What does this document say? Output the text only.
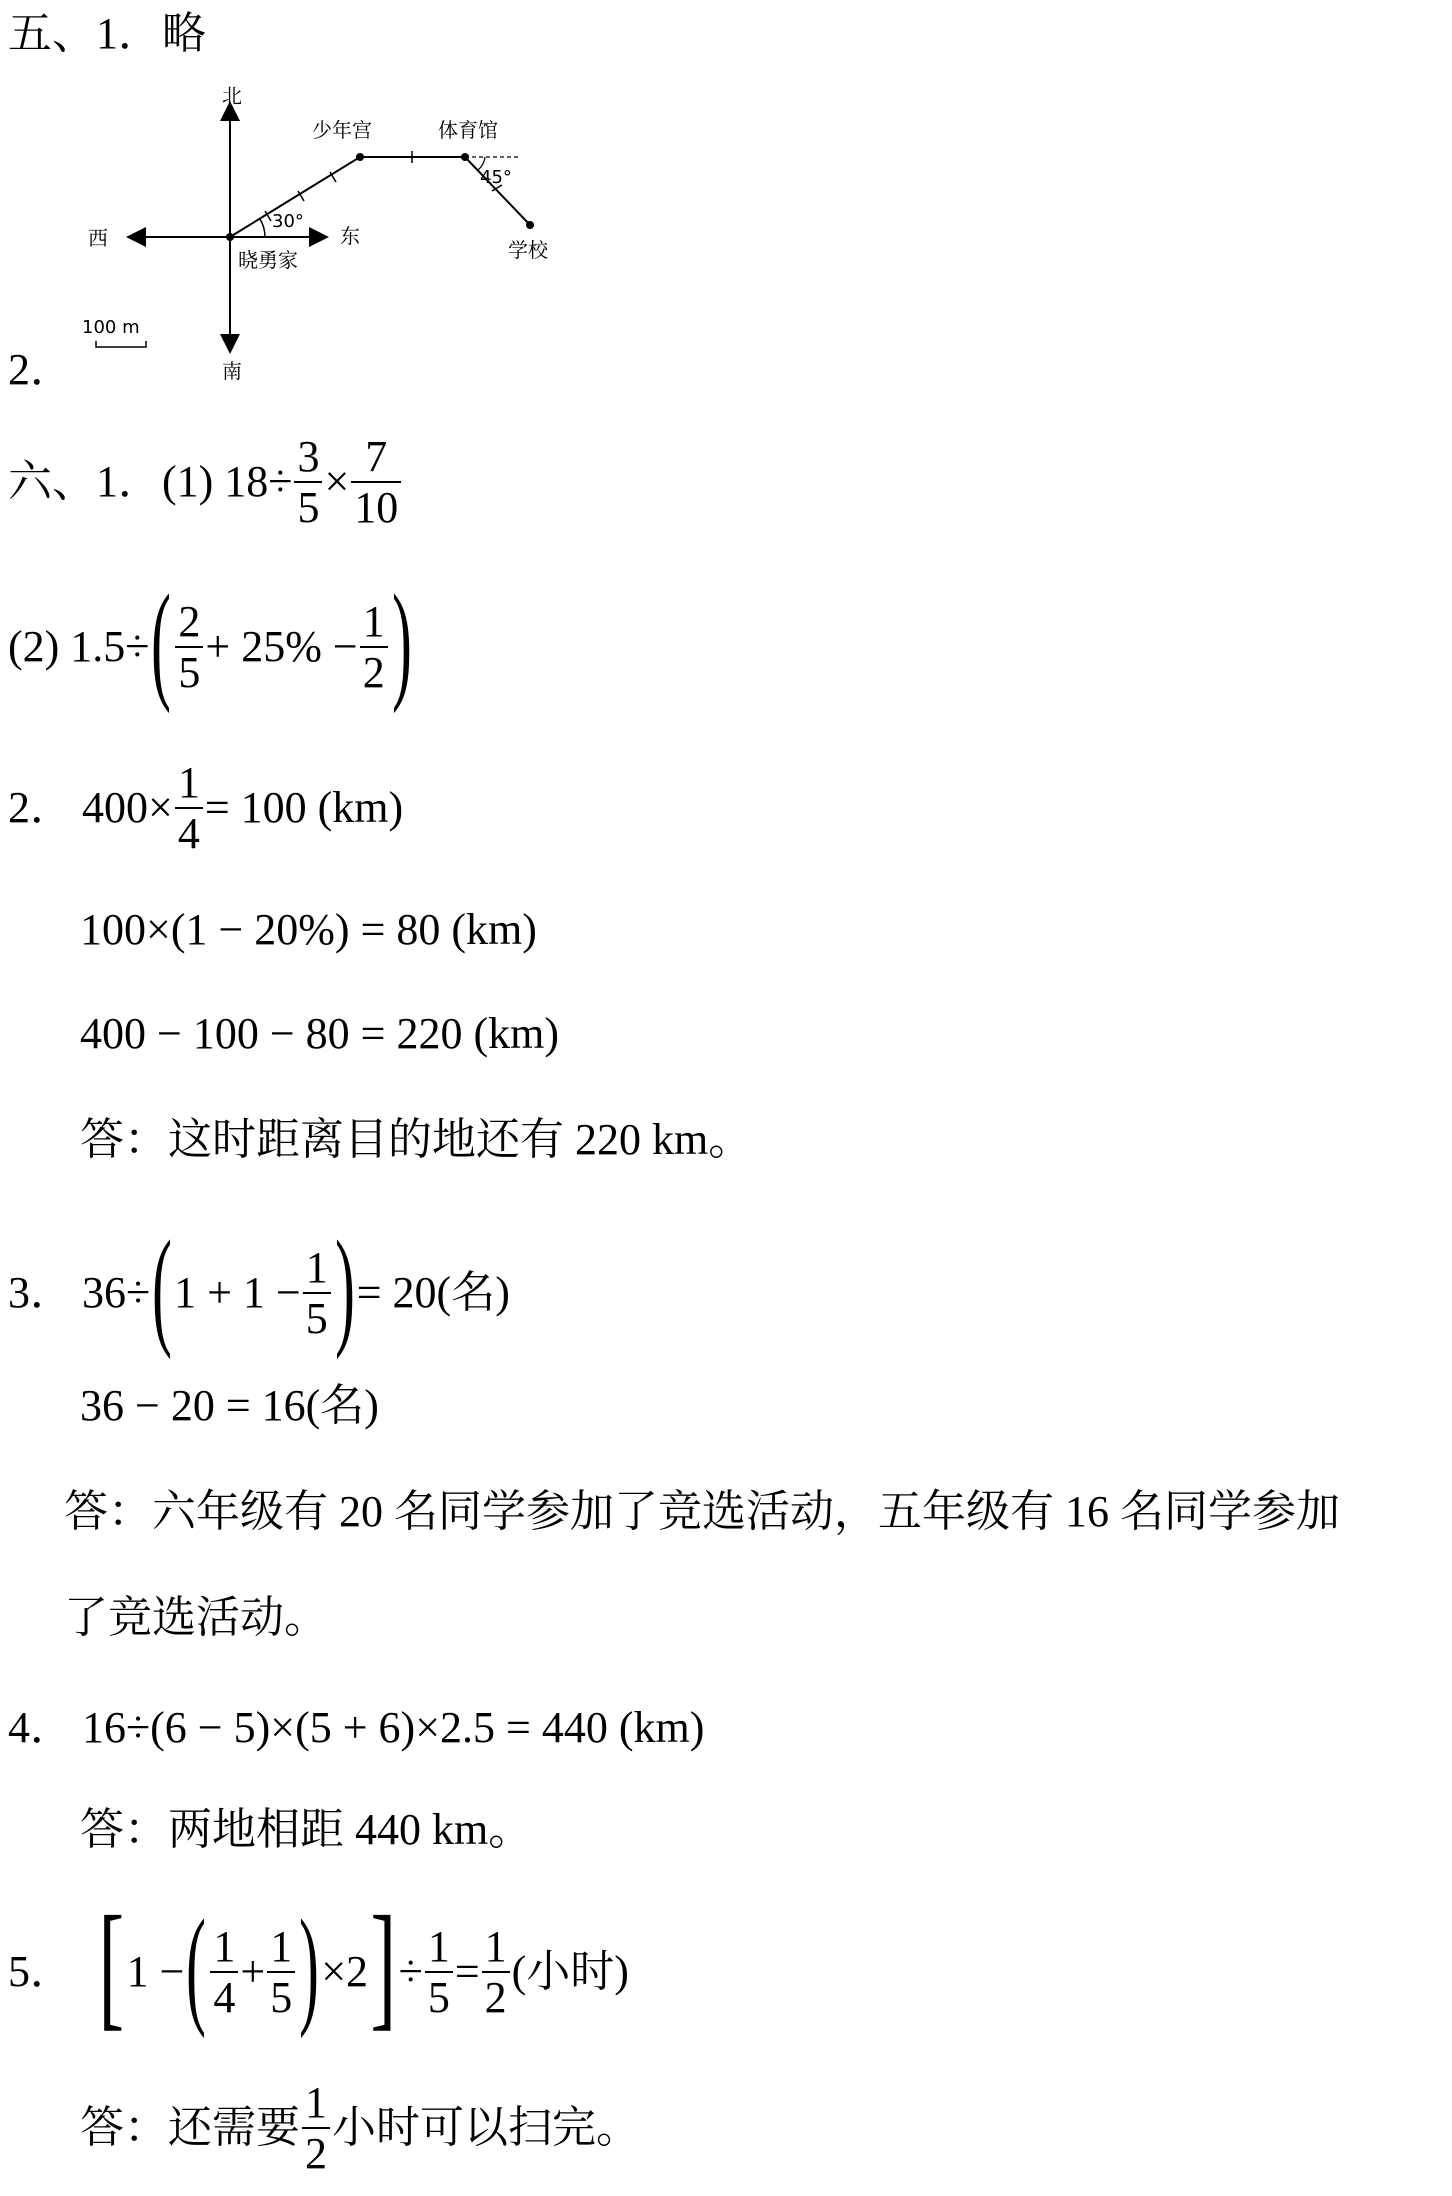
五、1．略
北
南
东
西
晓勇家
少年宫	体育馆
学校
30°
45°
100 m
2．
六、1．(1) $18\div \frac{3}{5} \times \frac{7}{10}$
(2) $1.5\div( \frac{2}{5} + 25\% - \frac{1}{2}$ )
2． $400\times \frac{1}{4} = 100$ (km)
100×(1 − 20%) = 80 (km)
400 − 100 − 80 = 220 (km)
答：这时距离目的地还有 220 km。
3． $36\div(1 + 1 - \frac{1}{5}$ )= 20(名)
36 − 20 = 16(名)
答：六年级有 20 名同学参加了竞选活动，五年级有 16 名同学参加
了竞选活动。
4． 16÷(6 − 5)×(5 + 6)×2.5 = 440 (km)
答：两地相距 440 km。
5． [1 −( $\frac{1}{4} + \frac{1}{5} )\times 2]\div \frac{1}{5} = \frac{1}{2}$ (小时)
答：还需要 $\frac{1}{2}$ 小时可以扫完。
